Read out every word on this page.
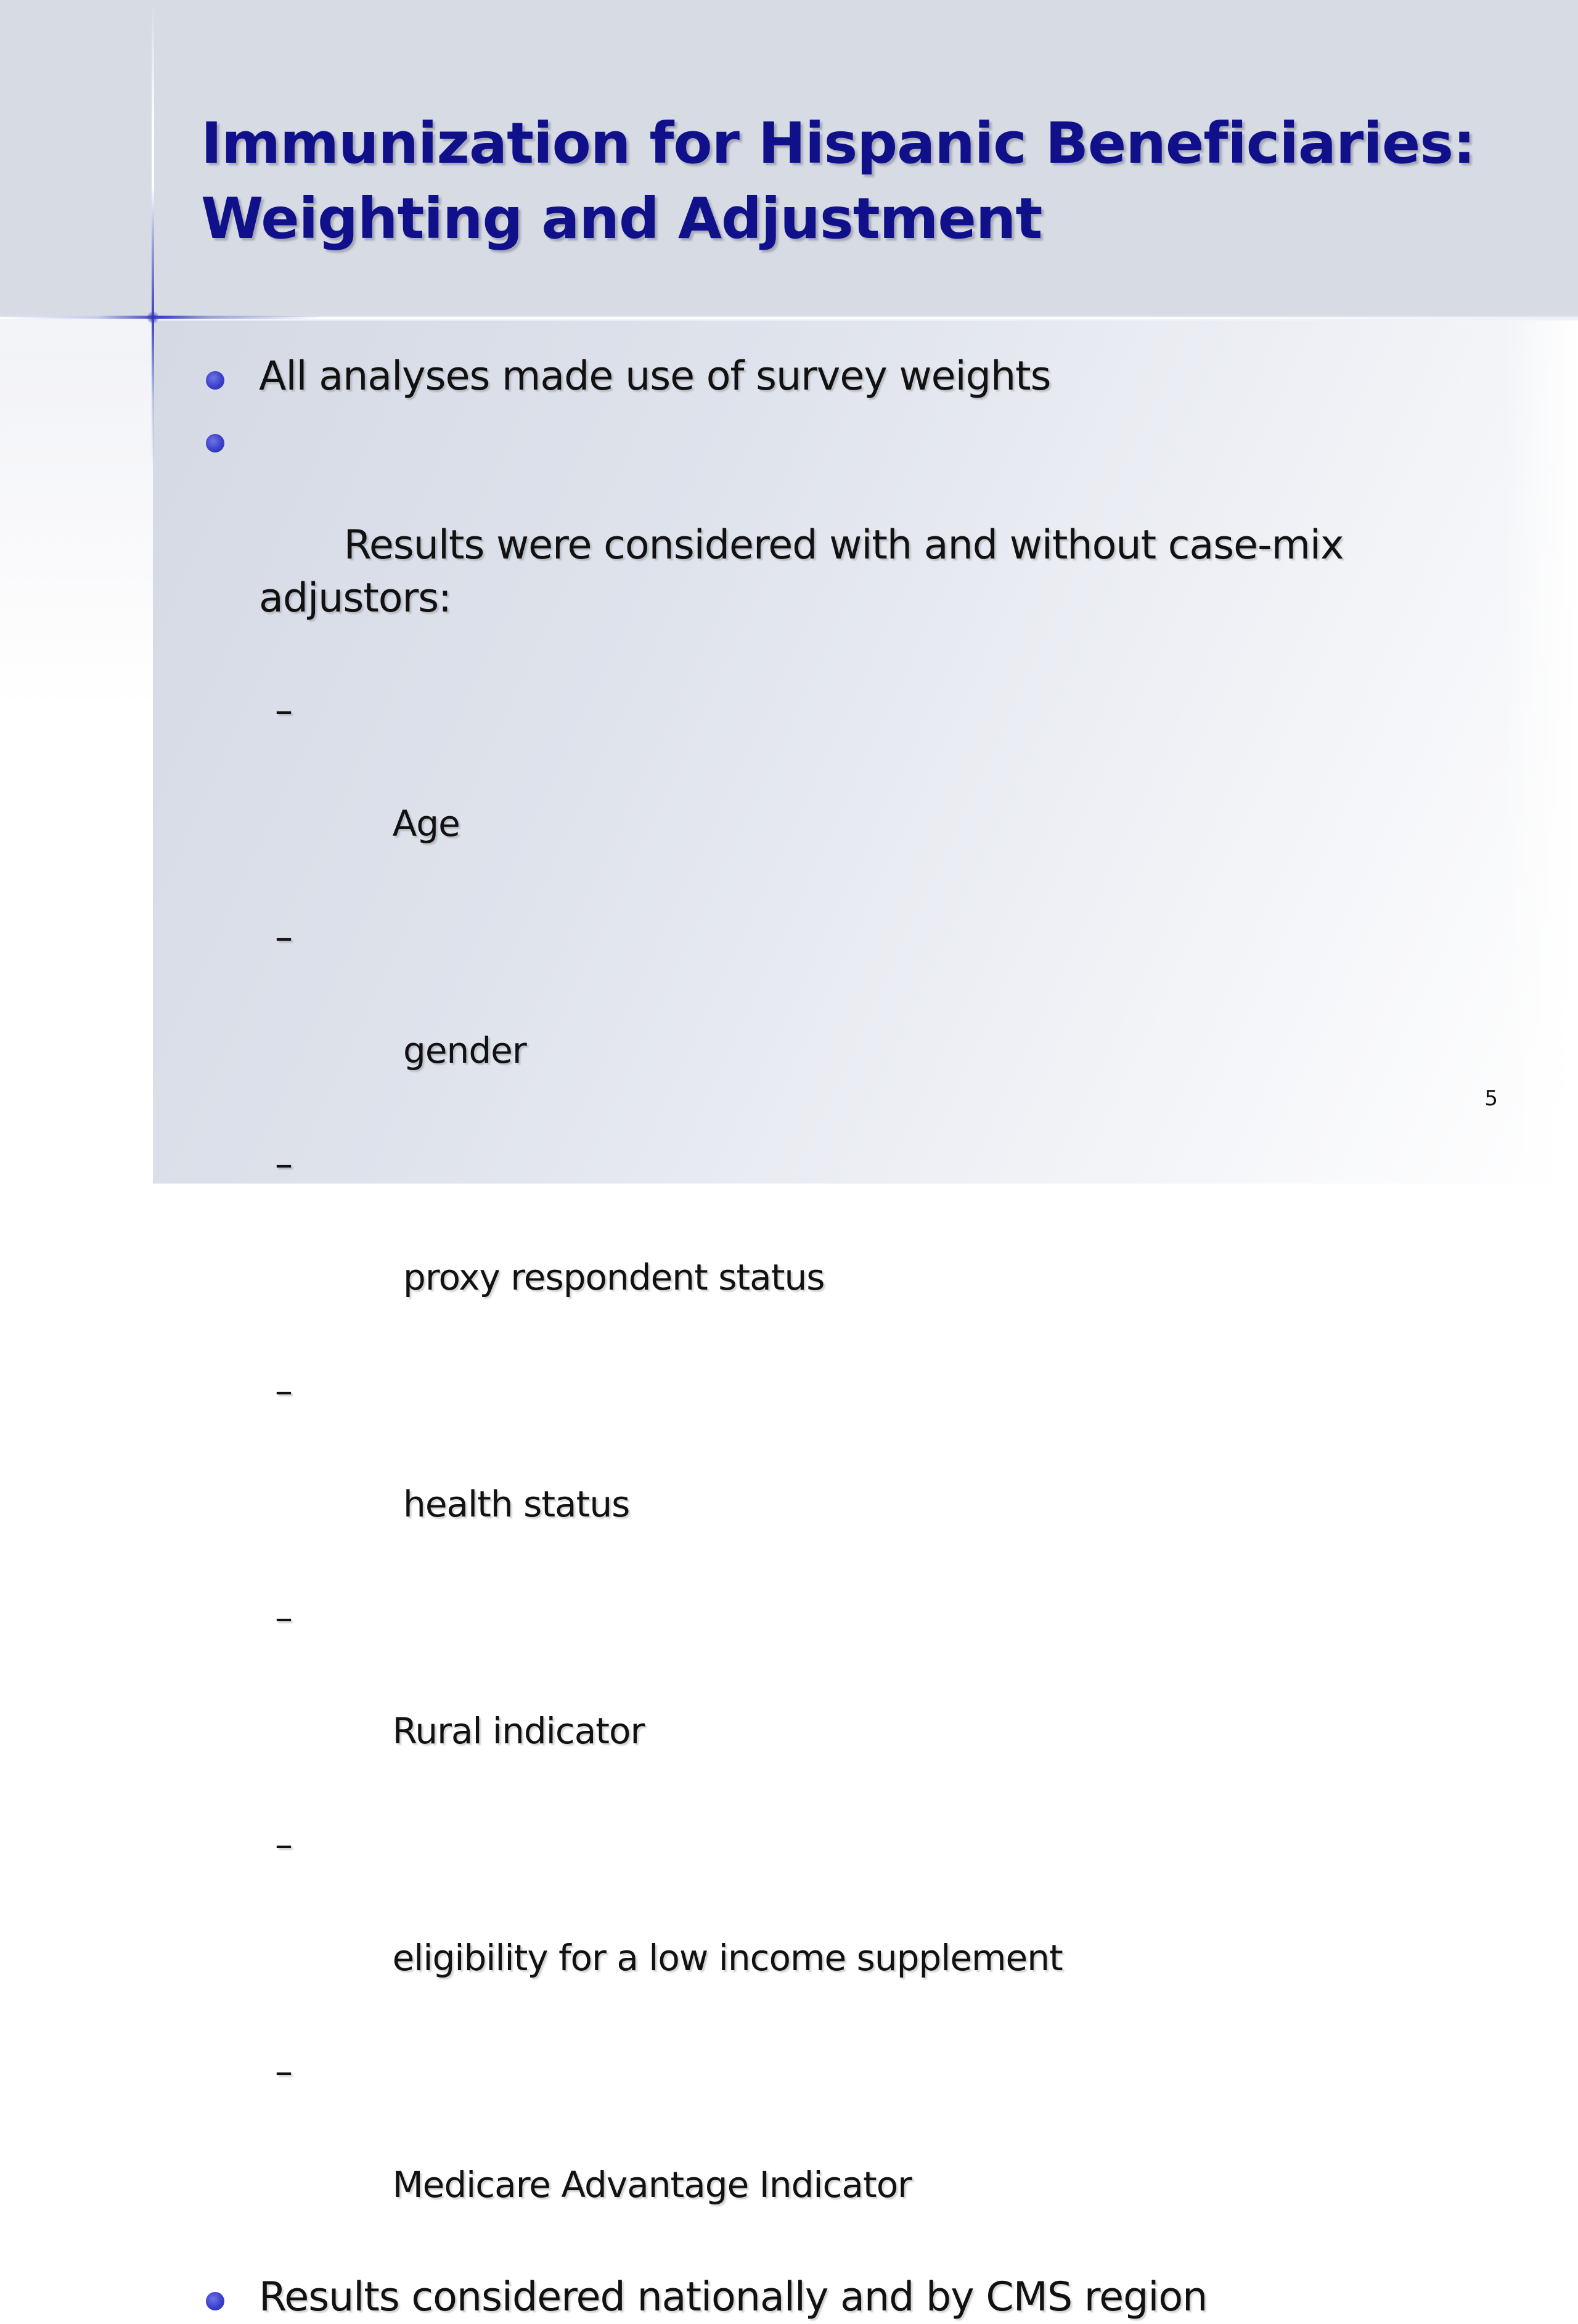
Immunization for Hispanic Beneficiaries:
Weighting and Adjustment
All analyses made use of survey weights

Results were considered with and without case-mix adjustors:

–

Age

–

gender

–

proxy respondent status

–

health status

–

Rural indicator

–

eligibility for a low income supplement

–

Medicare Advantage Indicator

Results considered nationally and by CMS region
5
